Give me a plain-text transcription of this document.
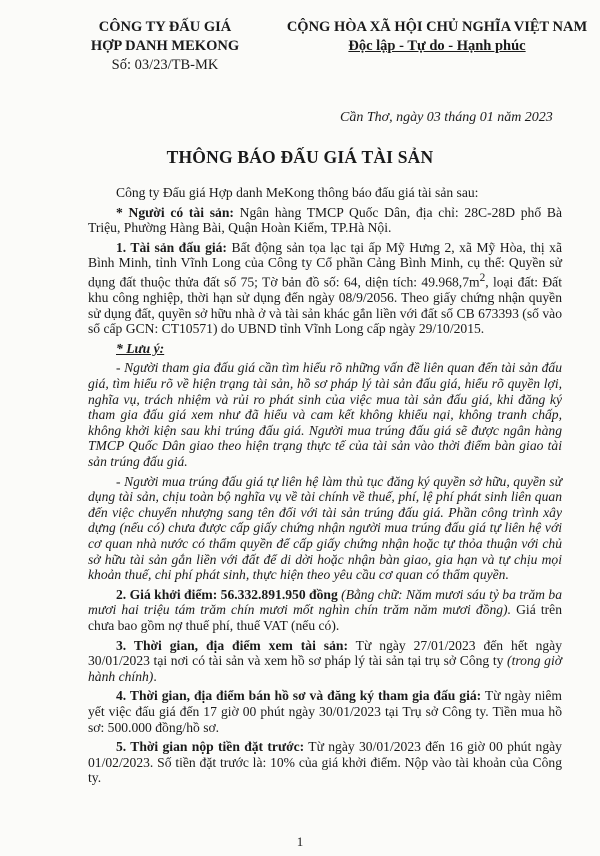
CÔNG TY ĐẤU GIÁ
HỢP DANH MEKONG
Số: 03/23/TB-MK
CỘNG HÒA XÃ HỘI CHỦ NGHĨA VIỆT NAM
Độc lập - Tự do - Hạnh phúc
Cần Thơ, ngày 03 tháng 01 năm 2023
THÔNG BÁO ĐẤU GIÁ TÀI SẢN

Công ty Đấu giá Hợp danh MeKong thông báo đấu giá tài sản sau:

* Người có tài sản: Ngân hàng TMCP Quốc Dân, địa chỉ: 28C-28D phố Bà Triệu, Phường Hàng Bài, Quận Hoàn Kiếm, TP.Hà Nội.

1. Tài sản đấu giá: Bất động sản tọa lạc tại ấp Mỹ Hưng 2, xã Mỹ Hòa, thị xã Bình Minh, tỉnh Vĩnh Long của Công ty Cổ phần Cảng Bình Minh, cụ thể: Quyền sử dụng đất thuộc thửa đất số 75; Tờ bản đồ số: 64, diện tích: $49.968,7m^2$, loại đất: Đất khu công nghiệp, thời hạn sử dụng đến ngày 08/9/2056. Theo giấy chứng nhận quyền sử dụng đất, quyền sở hữu nhà ở và tài sản khác gắn liền với đất số CB 673393 (số vào sổ cấp GCN: CT10571) do UBND tỉnh Vĩnh Long cấp ngày 29/10/2015.

* Lưu ý:

- Người tham gia đấu giá cần tìm hiểu rõ những vấn đề liên quan đến tài sản đấu giá, tìm hiểu rõ về hiện trạng tài sản, hồ sơ pháp lý tài sản đấu giá, hiểu rõ quyền lợi, nghĩa vụ, trách nhiệm và rủi ro phát sinh của việc mua tài sản đấu giá, khi đăng ký tham gia đấu giá xem như đã hiểu và cam kết không khiếu nại, không tranh chấp, không khởi kiện sau khi trúng đấu giá. Người mua trúng đấu giá sẽ được ngân hàng TMCP Quốc Dân giao theo hiện trạng thực tế của tài sản vào thời điểm bàn giao tài sản trúng đấu giá.

- Người mua trúng đấu giá tự liên hệ làm thủ tục đăng ký quyền sở hữu, quyền sử dụng tài sản, chịu toàn bộ nghĩa vụ về tài chính về thuế, phí, lệ phí phát sinh liên quan đến việc chuyển nhượng sang tên đối với tài sản trúng đấu giá. Phần công trình xây dựng (nếu có) chưa được cấp giấy chứng nhận người mua trúng đấu giá tự liên hệ với cơ quan nhà nước có thẩm quyền để cấp giấy chứng nhận hoặc tự thỏa thuận với chủ sở hữu tài sản gắn liền với đất để di dời hoặc nhận bàn giao, gia hạn và tự chịu mọi khoản thuế, chi phí phát sinh, thực hiện theo yêu cầu cơ quan có thẩm quyền.

2. Giá khởi điểm: 56.332.891.950 đồng (Bằng chữ: Năm mươi sáu tỷ ba trăm ba mươi hai triệu tám trăm chín mươi mốt nghìn chín trăm năm mươi đồng). Giá trên chưa bao gồm nợ thuế phí, thuế VAT (nếu có).

3. Thời gian, địa điểm xem tài sản: Từ ngày 27/01/2023 đến hết ngày 30/01/2023 tại nơi có tài sản và xem hồ sơ pháp lý tài sản tại trụ sở Công ty (trong giờ hành chính).

4. Thời gian, địa điểm bán hồ sơ và đăng ký tham gia đấu giá: Từ ngày niêm yết việc đấu giá đến 17 giờ 00 phút ngày 30/01/2023 tại Trụ sở Công ty. Tiền mua hồ sơ: 500.000 đồng/hồ sơ.

5. Thời gian nộp tiền đặt trước: Từ ngày 30/01/2023 đến 16 giờ 00 phút ngày 01/02/2023. Số tiền đặt trước là: 10% của giá khởi điểm. Nộp vào tài khoản của Công ty.

1
